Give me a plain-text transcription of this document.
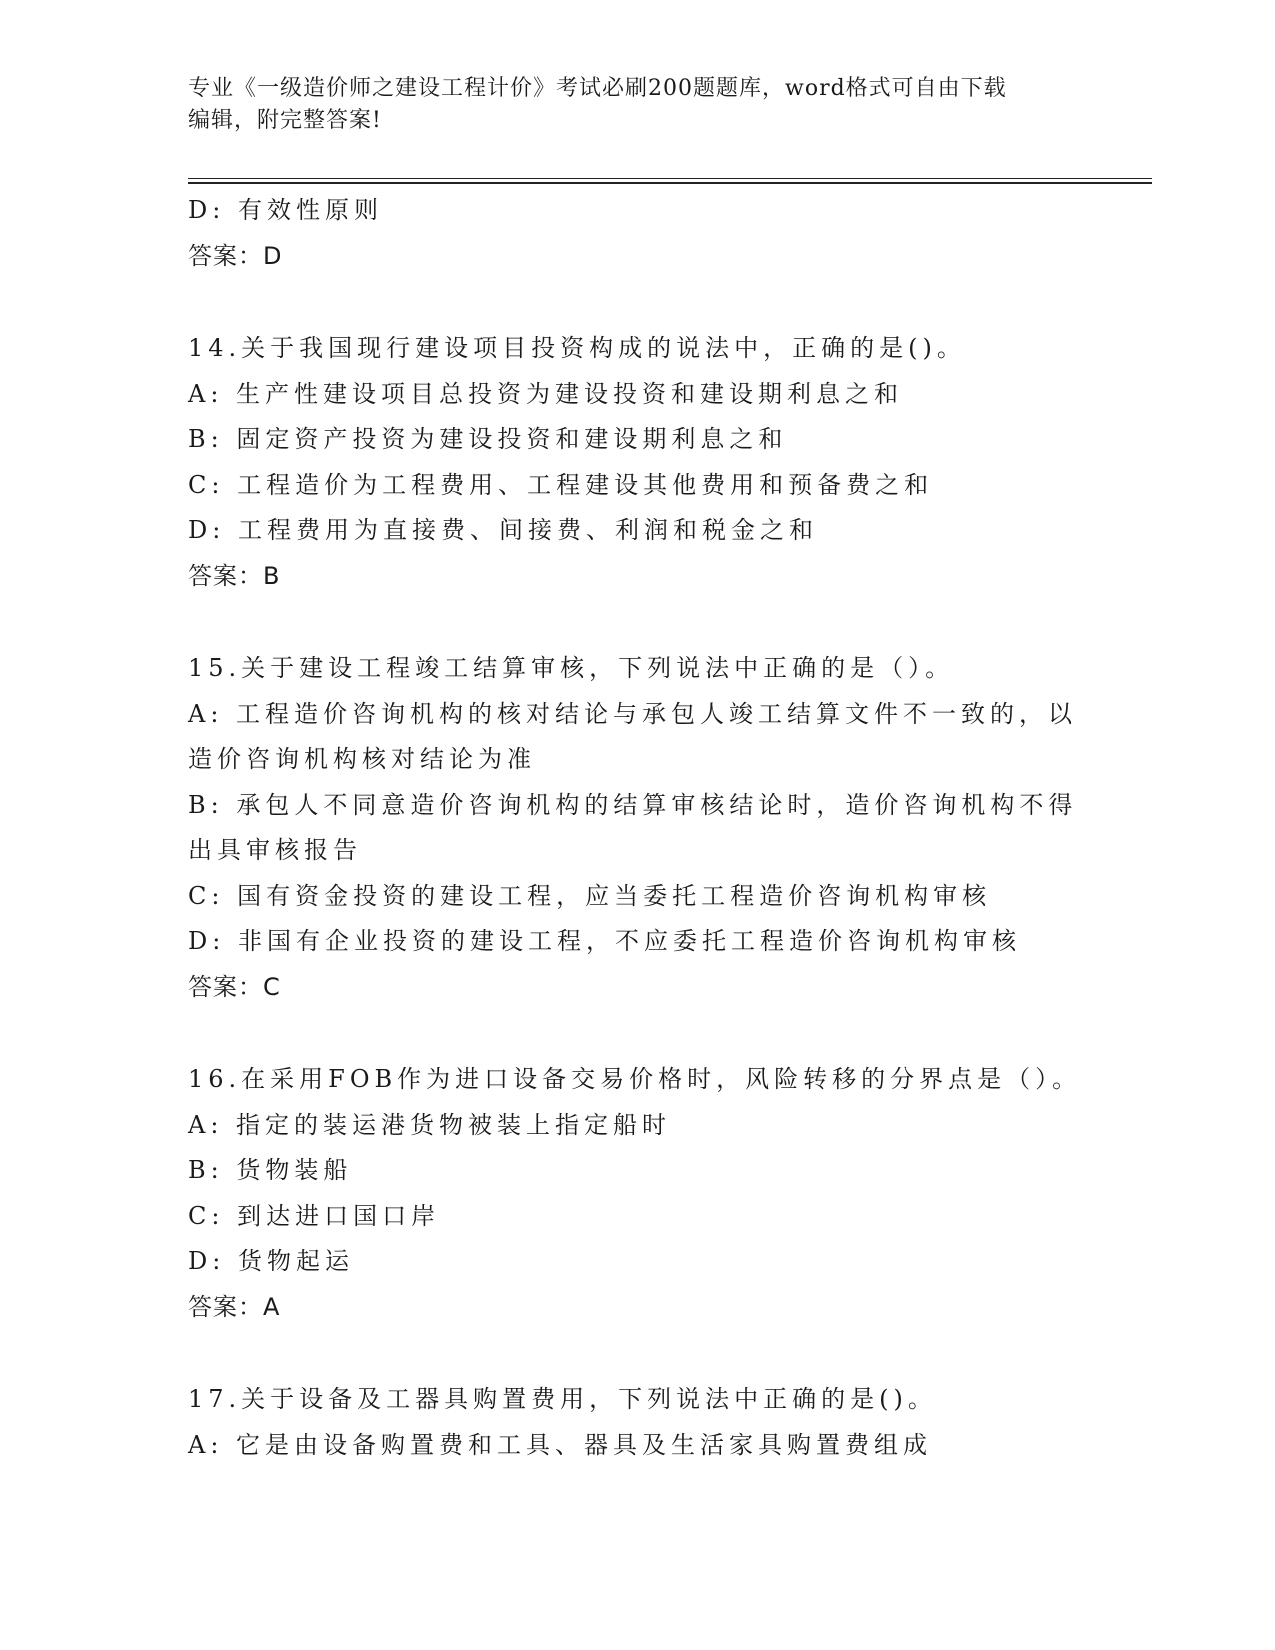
专业《一级造价师之建设工程计价》考试必刷200题题库，word格式可自由下载
编辑，附完整答案!
D: 有效性原则
答案：D
14.关于我国现行建设项目投资构成的说法中，正确的是()。
A: 生产性建设项目总投资为建设投资和建设期利息之和
B: 固定资产投资为建设投资和建设期利息之和
C: 工程造价为工程费用、工程建设其他费用和预备费之和
D: 工程费用为直接费、间接费、利润和税金之和
答案：B
15.关于建设工程竣工结算审核，下列说法中正确的是（）。
A: 工程造价咨询机构的核对结论与承包人竣工结算文件不一致的，以
造价咨询机构核对结论为准
B: 承包人不同意造价咨询机构的结算审核结论时，造价咨询机构不得
出具审核报告
C: 国有资金投资的建设工程，应当委托工程造价咨询机构审核
D: 非国有企业投资的建设工程，不应委托工程造价咨询机构审核
答案：C
16.在采用FOB作为进口设备交易价格时，风险转移的分界点是（）。
A: 指定的装运港货物被装上指定船时
B: 货物装船
C: 到达进口国口岸
D: 货物起运
答案：A
17.关于设备及工器具购置费用，下列说法中正确的是()。
A: 它是由设备购置费和工具、器具及生活家具购置费组成
